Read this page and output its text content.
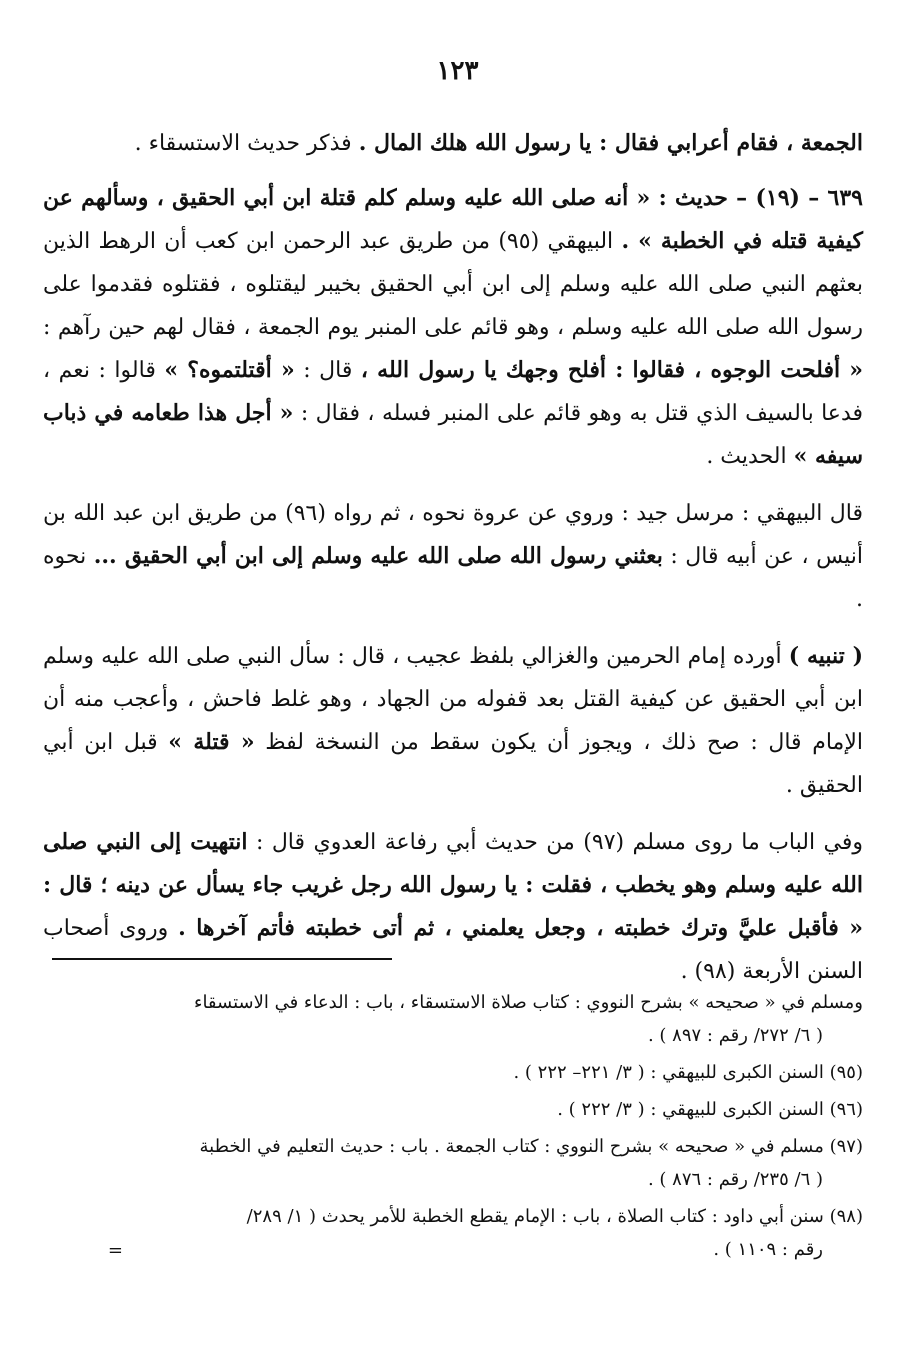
١٢٣

الجمعة ، فقام أعرابي فقال : يا رسول الله هلك المال . فذكر حديث الاستسقاء .

٦٣٩ – (١٩) – حديث : « أنه صلى الله عليه وسلم كلم قتلة ابن أبي الحقيق ، وسألهم عن كيفية قتله في الخطبة » . البيهقي (٩٥) من طريق عبد الرحمن ابن كعب أن الرهط الذين بعثهم النبي صلى الله عليه وسلم إلى ابن أبي الحقيق بخيبر ليقتلوه ، فقتلوه فقدموا على رسول الله صلى الله عليه وسلم ، وهو قائم على المنبر يوم الجمعة ، فقال لهم حين رآهم : « أفلحت الوجوه ، فقالوا : أفلح وجهك يا رسول الله ، قال : « أقتلتموه؟ » قالوا : نعم ، فدعا بالسيف الذي قتل به وهو قائم على المنبر فسله ، فقال : « أجل هذا طعامه في ذباب سيفه » الحديث .

قال البيهقي : مرسل جيد : وروي عن عروة نحوه ، ثم رواه (٩٦) من طريق ابن عبد الله بن أنيس ، عن أبيه قال : بعثني رسول الله صلى الله عليه وسلم إلى ابن أبي الحقيق ... نحوه .

( تنبيه ) أورده إمام الحرمين والغزالي بلفظ عجيب ، قال : سأل النبي صلى الله عليه وسلم ابن أبي الحقيق عن كيفية القتل بعد قفوله من الجهاد ، وهو غلط فاحش ، وأعجب منه أن الإمام قال : صح ذلك ، ويجوز أن يكون سقط من النسخة لفظ « قتلة » قبل ابن أبي الحقيق .

وفي الباب ما روى مسلم (٩٧) من حديث أبي رفاعة العدوي قال : انتهيت إلى النبي صلى الله عليه وسلم وهو يخطب ، فقلت : يا رسول الله رجل غريب جاء يسأل عن دينه ؛ قال : « فأقبل عليَّ وترك خطبته ، وجعل يعلمني ، ثم أتى خطبته فأتم آخرها . وروى أصحاب السنن الأربعة (٩٨) .

ومسلم في « صحيحه » بشرح النووي : كتاب صلاة الاستسقاء ، باب : الدعاء في الاستسقاء
( ٦/ ٢٧٢/ رقم : ٨٩٧ ) .

(٩٥) السنن الكبرى للبيهقي : ( ٣/ ٢٢١– ٢٢٢ ) .

(٩٦) السنن الكبرى للبيهقي : ( ٣/ ٢٢٢ ) .

(٩٧) مسلم في « صحيحه » بشرح النووي : كتاب الجمعة . باب : حديث التعليم في الخطبة
( ٦/ ٢٣٥/ رقم : ٨٧٦ ) .

(٩٨) سنن أبي داود : كتاب الصلاة ، باب : الإمام يقطع الخطبة للأمر يحدث ( ١/ ٢٨٩/
رقم : ١١٠٩ ) .

=
